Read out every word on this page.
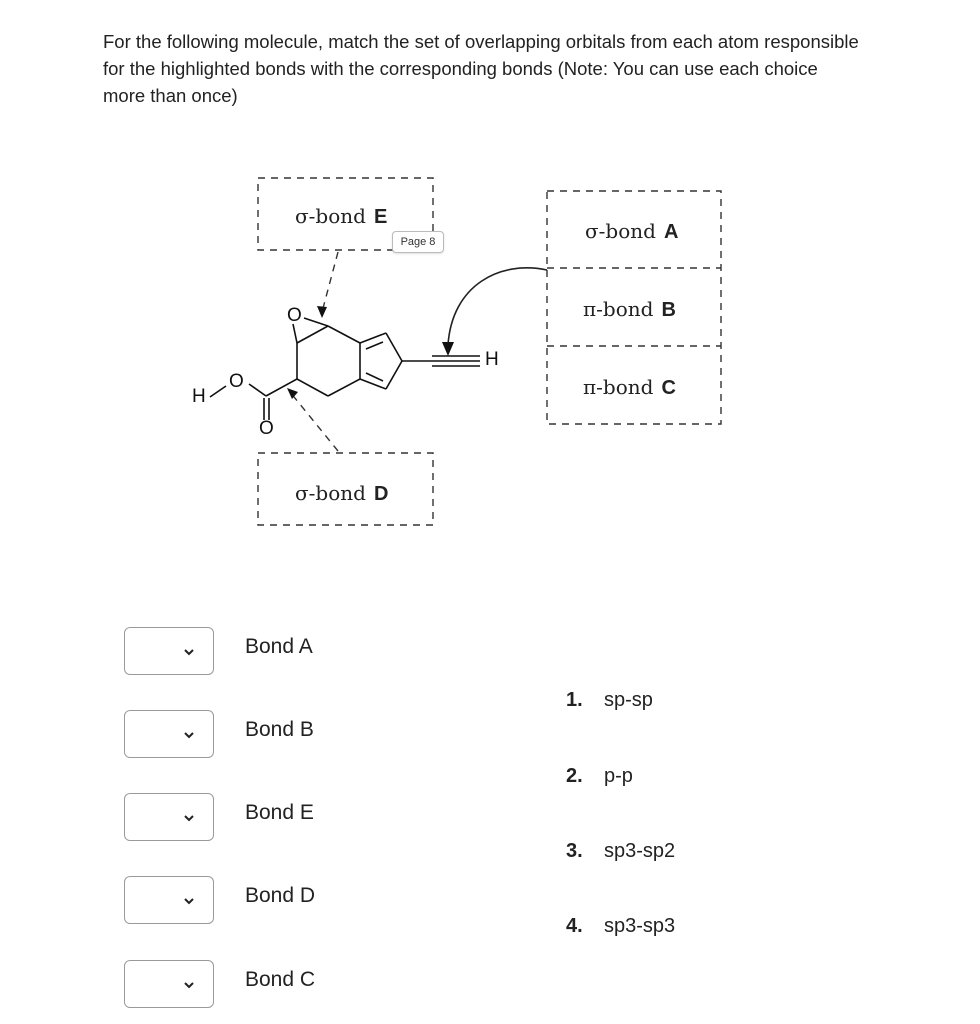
For the following molecule, match the set of overlapping orbitals from each atom responsible for the highlighted bonds with the corresponding bonds (Note: You can use each choice more than once)
H
O
O
O
H
σ-bond E
σ-bond A
π-bond B
π-bond C
σ-bond D
Page 8
Bond A
Bond B
Bond E
Bond D
Bond C
1. sp-sp
2. p-p
3. sp3-sp2
4. sp3-sp3
